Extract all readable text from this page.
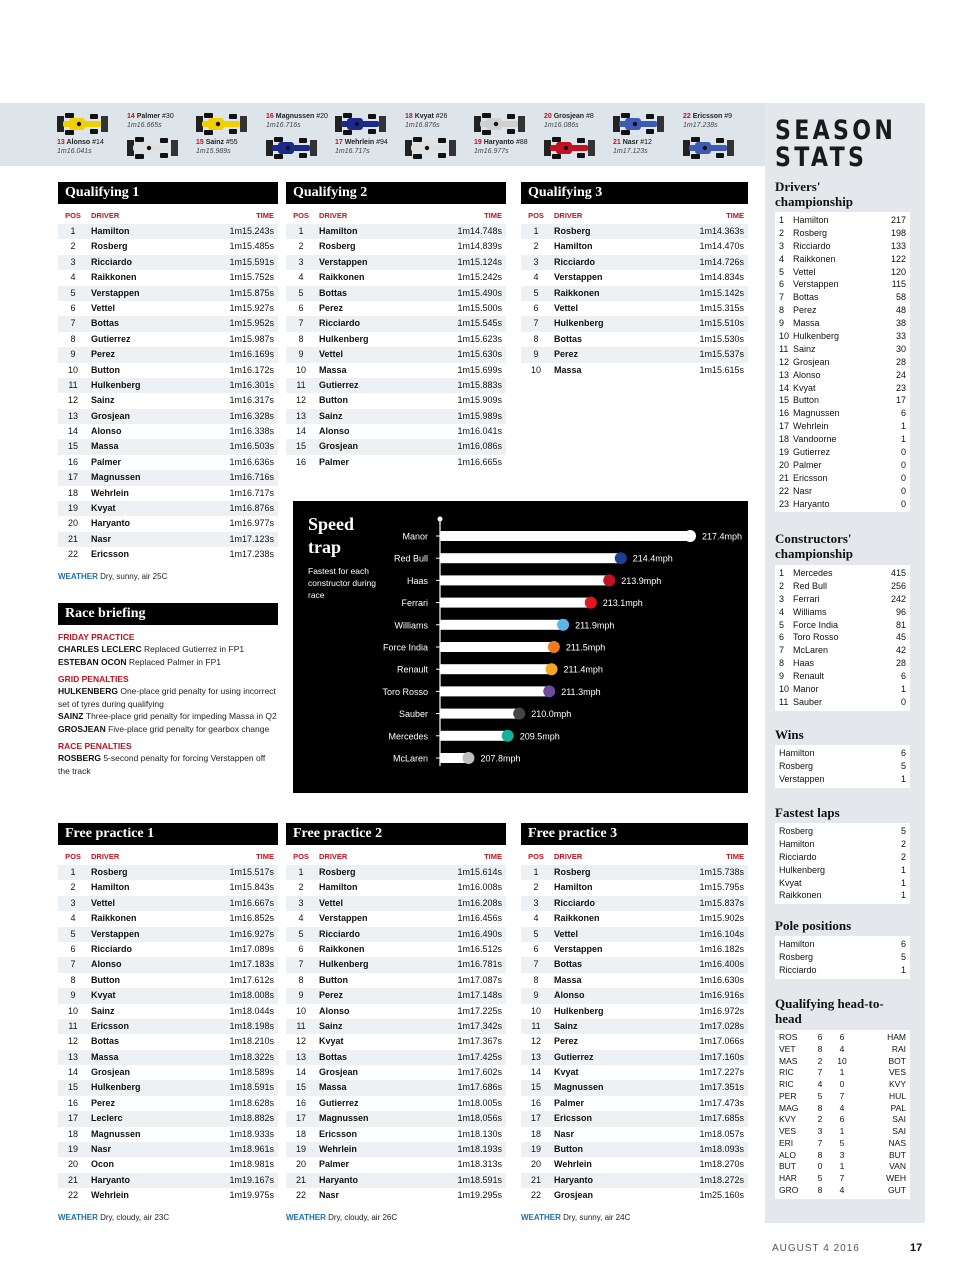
13 Alonso #14
1m16.041s
14 Palmer #30
1m16.665s
15 Sainz #55
1m15.989s
16 Magnussen #20
1m16.716s
17 Wehrlein #94
1m16.717s
18 Kvyat #26
1m16.876s
19 Haryanto #88
1m16.977s
20 Grosjean #8
1m16.086s
21 Nasr #12
1m17.123s
22 Ericsson #9
1m17.238s
Qualifying 1
POS	DRIVER	TIME
1	Hamilton	1m15.243s
2	Rosberg	1m15.485s
3	Ricciardo	1m15.591s
4	Raikkonen	1m15.752s
5	Verstappen	1m15.875s
6	Vettel	1m15.927s
7	Bottas	1m15.952s
8	Gutierrez	1m15.987s
9	Perez	1m16.169s
10	Button	1m16.172s
11	Hulkenberg	1m16.301s
12	Sainz	1m16.317s
13	Grosjean	1m16.328s
14	Alonso	1m16.338s
15	Massa	1m16.503s
16	Palmer	1m16.636s
17	Magnussen	1m16.716s
18	Wehrlein	1m16.717s
19	Kvyat	1m16.876s
20	Haryanto	1m16.977s
21	Nasr	1m17.123s
22	Ericsson	1m17.238s
WEATHER Dry, sunny, air 25C
Qualifying 2
POS	DRIVER	TIME
1	Hamilton	1m14.748s
2	Rosberg	1m14.839s
3	Verstappen	1m15.124s
4	Raikkonen	1m15.242s
5	Bottas	1m15.490s
6	Perez	1m15.500s
7	Ricciardo	1m15.545s
8	Hulkenberg	1m15.623s
9	Vettel	1m15.630s
10	Massa	1m15.699s
11	Gutierrez	1m15.883s
12	Button	1m15.909s
13	Sainz	1m15.989s
14	Alonso	1m16.041s
15	Grosjean	1m16.086s
16	Palmer	1m16.665s
Qualifying 3
POS	DRIVER	TIME
1	Rosberg	1m14.363s
2	Hamilton	1m14.470s
3	Ricciardo	1m14.726s
4	Verstappen	1m14.834s
5	Raikkonen	1m15.142s
6	Vettel	1m15.315s
7	Hulkenberg	1m15.510s
8	Bottas	1m15.530s
9	Perez	1m15.537s
10	Massa	1m15.615s
Free practice 1
POS	DRIVER	TIME
1	Rosberg	1m15.517s
2	Hamilton	1m15.843s
3	Vettel	1m16.667s
4	Raikkonen	1m16.852s
5	Verstappen	1m16.927s
6	Ricciardo	1m17.089s
7	Alonso	1m17.183s
8	Button	1m17.612s
9	Kvyat	1m18.008s
10	Sainz	1m18.044s
11	Ericsson	1m18.198s
12	Bottas	1m18.210s
13	Massa	1m18.322s
14	Grosjean	1m18.589s
15	Hulkenberg	1m18.591s
16	Perez	1m18.628s
17	Leclerc	1m18.882s
18	Magnussen	1m18.933s
19	Nasr	1m18.961s
20	Ocon	1m18.981s
21	Haryanto	1m19.167s
22	Wehrlein	1m19.975s
WEATHER Dry, cloudy, air 23C
Free practice 2
POS	DRIVER	TIME
1	Rosberg	1m15.614s
2	Hamilton	1m16.008s
3	Vettel	1m16.208s
4	Verstappen	1m16.456s
5	Ricciardo	1m16.490s
6	Raikkonen	1m16.512s
7	Hulkenberg	1m16.781s
8	Button	1m17.087s
9	Perez	1m17.148s
10	Alonso	1m17.225s
11	Sainz	1m17.342s
12	Kvyat	1m17.367s
13	Bottas	1m17.425s
14	Grosjean	1m17.602s
15	Massa	1m17.686s
16	Gutierrez	1m18.005s
17	Magnussen	1m18.056s
18	Ericsson	1m18.130s
19	Wehrlein	1m18.193s
20	Palmer	1m18.313s
21	Haryanto	1m18.591s
22	Nasr	1m19.295s
WEATHER Dry, cloudy, air 26C
Free practice 3
POS	DRIVER	TIME
1	Rosberg	1m15.738s
2	Hamilton	1m15.795s
3	Ricciardo	1m15.837s
4	Raikkonen	1m15.902s
5	Vettel	1m16.104s
6	Verstappen	1m16.182s
7	Bottas	1m16.400s
8	Massa	1m16.630s
9	Alonso	1m16.916s
10	Hulkenberg	1m16.972s
11	Sainz	1m17.028s
12	Perez	1m17.066s
13	Gutierrez	1m17.160s
14	Kvyat	1m17.227s
15	Magnussen	1m17.351s
16	Palmer	1m17.473s
17	Ericsson	1m17.685s
18	Nasr	1m18.057s
19	Button	1m18.093s
20	Wehrlein	1m18.270s
21	Haryanto	1m18.272s
22	Grosjean	1m25.160s
WEATHER Dry, sunny, air 24C
Race briefing
FRIDAY PRACTICE
CHARLES LECLERC Replaced Gutierrez in FP1
ESTEBAN OCON Replaced Palmer in FP1
GRID PENALTIES
HULKENBERG One-place grid penalty for using incorrect set of tyres during qualifying
SAINZ Three-place grid penalty for impeding Massa in Q2
GROSJEAN Five-place grid penalty for gearbox change
RACE PENALTIES
ROSBERG 5-second penalty for forcing Verstappen off the track
Speed
trap
Fastest for each constructor during race
Manor	217.4mph
Red Bull	214.4mph
Haas	213.9mph
Ferrari	213.1mph
Williams	211.9mph
Force India	211.5mph
Renault	211.4mph
Toro Rosso	211.3mph
Sauber	210.0mph
Mercedes	209.5mph
McLaren	207.8mph
SEASON STATS
Drivers' championship
1 Hamilton	217
2 Rosberg	198
3 Ricciardo	133
4 Raikkonen	122
5 Vettel	120
6 Verstappen	115
7 Bottas	58
8 Perez	48
9 Massa	38
10 Hulkenberg	33
11 Sainz	30
12 Grosjean	28
13 Alonso	24
14 Kvyat	23
15 Button	17
16 Magnussen	6
17 Wehrlein	1
18 Vandoorne	1
19 Gutierrez	0
20 Palmer	0
21 Ericsson	0
22 Nasr	0
23 Haryanto	0
Constructors' championship
1 Mercedes	415
2 Red Bull	256
3 Ferrari	242
4 Williams	96
5 Force India	81
6 Toro Rosso	45
7 McLaren	42
8 Haas	28
9 Renault	6
10 Manor	1
11 Sauber	0
Wins
Hamilton	6
Rosberg	5
Verstappen	1
Fastest laps
Rosberg	5
Hamilton	2
Ricciardo	2
Hulkenberg	1
Kvyat	1
Raikkonen	1
Pole positions
Hamilton	6
Rosberg	5
Ricciardo	1
Qualifying head-to-head
ROS	6	6	HAM
VET	8	4	RAI
MAS	2	10	BOT
RIC	7	1	VES
RIC	4	0	KVY
PER	5	7	HUL
MAG	8	4	PAL
KVY	2	6	SAI
VES	3	1	SAI
ERI	7	5	NAS
ALO	8	3	BUT
BUT	0	1	VAN
HAR	5	7	WEH
GRO	8	4	GUT
AUGUST 4 2016	17
